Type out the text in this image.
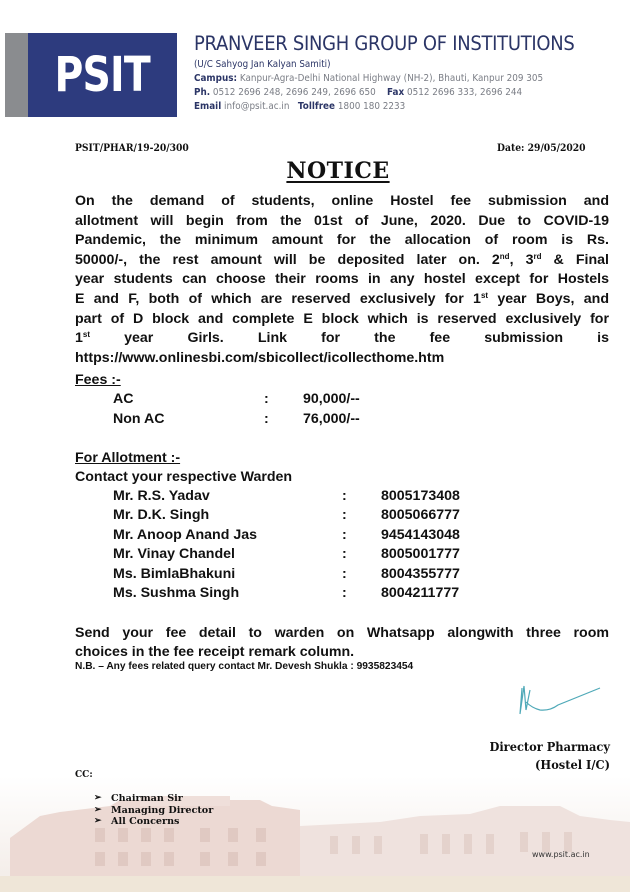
PSIT
PRANVEER SINGH GROUP OF INSTITUTIONS
(U/C Sahyog Jan Kalyan Samiti)
Campus: Kanpur-Agra-Delhi National Highway (NH-2), Bhauti, Kanpur 209 305
Ph. 0512 2696 248, 2696 249, 2696 650 Fax 0512 2696 333, 2696 244
Email info@psit.ac.in Tollfree 1800 180 2233
PSIT/PHAR/19-20/300	Date: 29/05/2020
NOTICE
On the demand of students, online Hostel fee submission and
allotment will begin from the 01st of June, 2020. Due to COVID-19
Pandemic, the minimum amount for the allocation of room is Rs.
50000/-, the rest amount will be deposited later on. 2nd, 3rd & Final
year students can choose their rooms in any hostel except for Hostels
E and F, both of which are reserved exclusively for 1st year Boys, and
part of D block and complete E block which is reserved exclusively for
1st year Girls. Link for the fee submission is
https://www.onlinesbi.com/sbicollect/icollecthome.htm
Fees :-
AC	: 90,000/--
Non AC	: 76,000/--
For Allotment :-
Contact your respective Warden
Mr. R.S. Yadav	: 8005173408
Mr. D.K. Singh	: 8005066777
Mr. Anoop Anand Jas	: 9454143048
Mr. Vinay Chandel	: 8005001777
Ms. BimlaBhakuni	: 8004355777
Ms. Sushma Singh	: 8004211777
Send your fee detail to warden on Whatsapp alongwith three room
choices in the fee receipt remark column.
N.B. – Any fees related query contact Mr. Devesh Shukla : 9935823454
Director Pharmacy
(Hostel I/C)
CC:
➢ Chairman Sir
➢ Managing Director
➢ All Concerns
www.psit.ac.in
